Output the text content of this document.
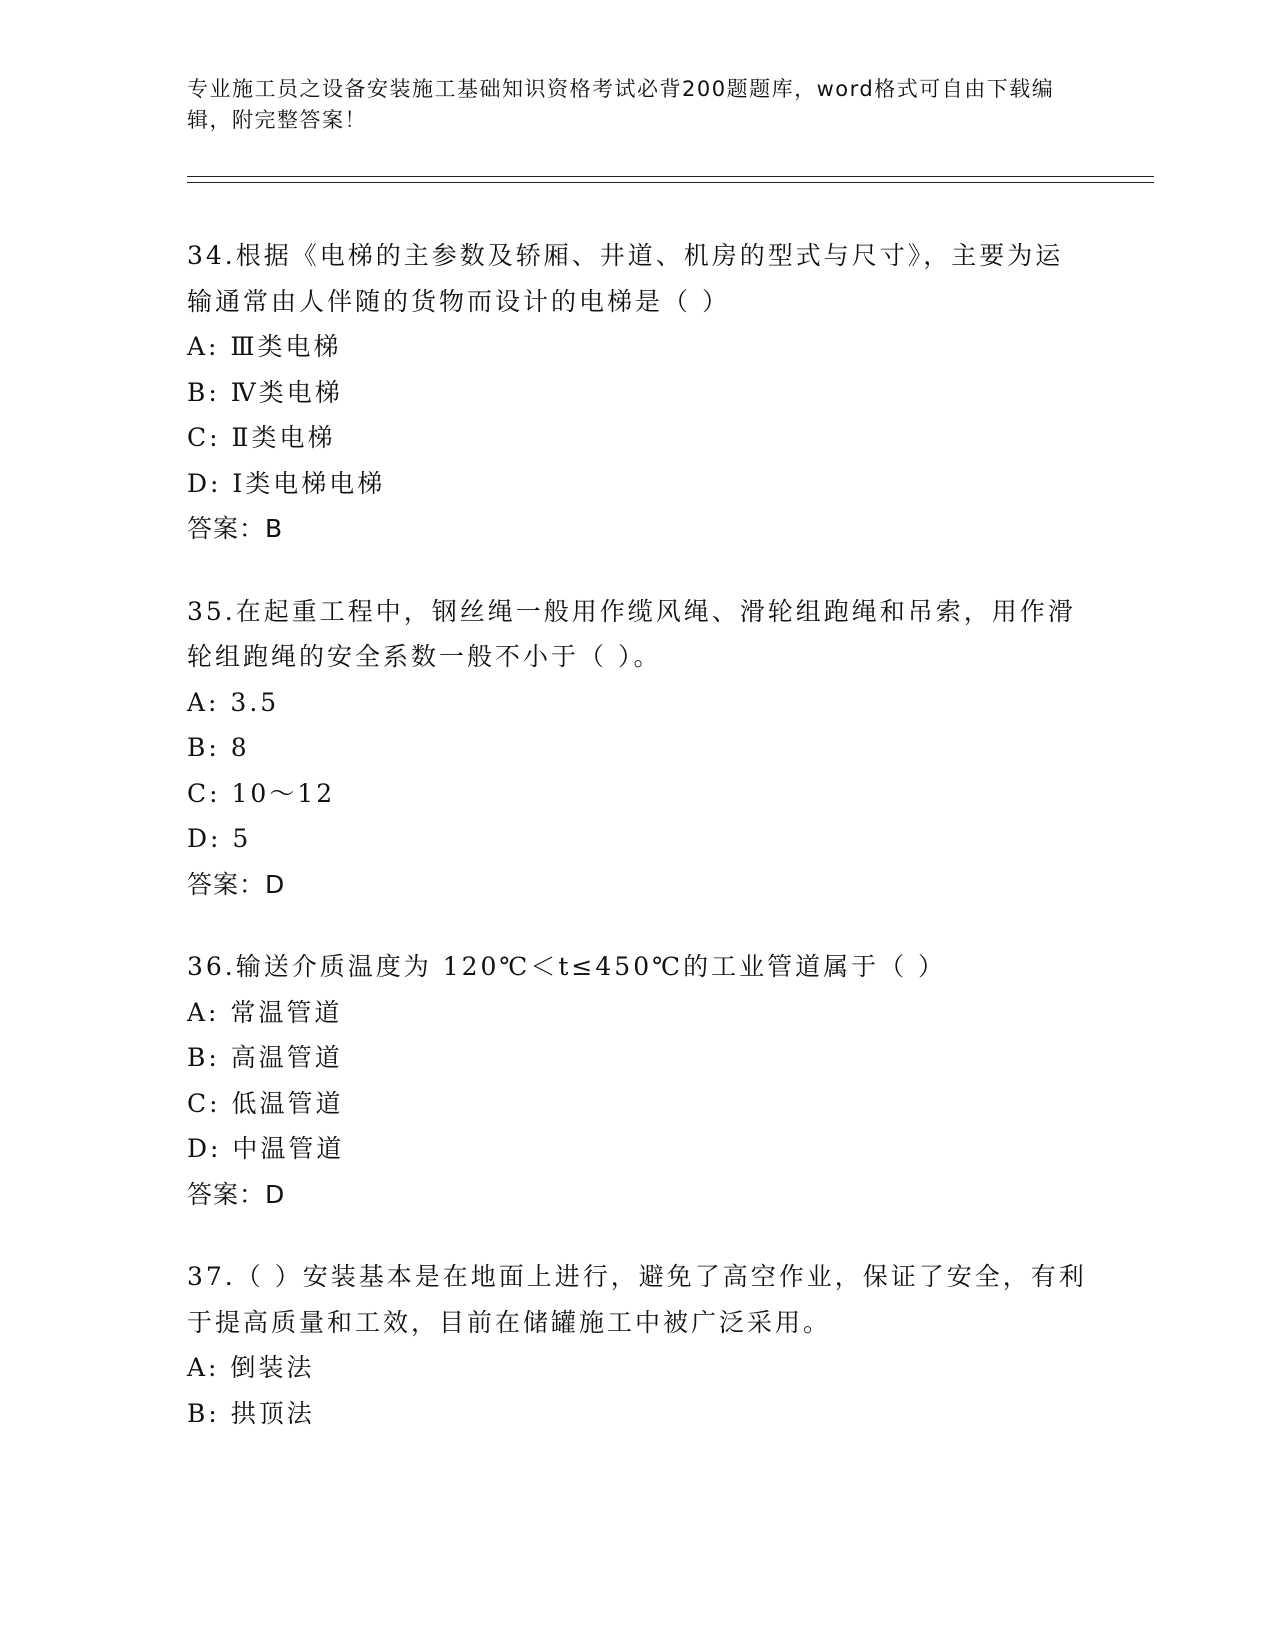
专业施工员之设备安装施工基础知识资格考试必背200题题库，word格式可自由下载编辑，附完整答案！

34.根据《电梯的主参数及轿厢、井道、机房的型式与尺寸》，主要为运输通常由人伴随的货物而设计的电梯是（ ）

A: Ⅲ类电梯

B: Ⅳ类电梯

C: Ⅱ类电梯

D: Ⅰ类电梯电梯

答案：B

35.在起重工程中，钢丝绳一般用作缆风绳、滑轮组跑绳和吊索，用作滑轮组跑绳的安全系数一般不小于（ ）。

A: 3.5

B: 8

C: 10～12

D: 5

答案：D

36.输送介质温度为 120℃＜t≤450℃的工业管道属于（ ）

A: 常温管道

B: 高温管道

C: 低温管道

D: 中温管道

答案：D

37.（ ）安装基本是在地面上进行，避免了高空作业，保证了安全，有利于提高质量和工效，目前在储罐施工中被广泛采用。

A: 倒装法

B: 拱顶法
